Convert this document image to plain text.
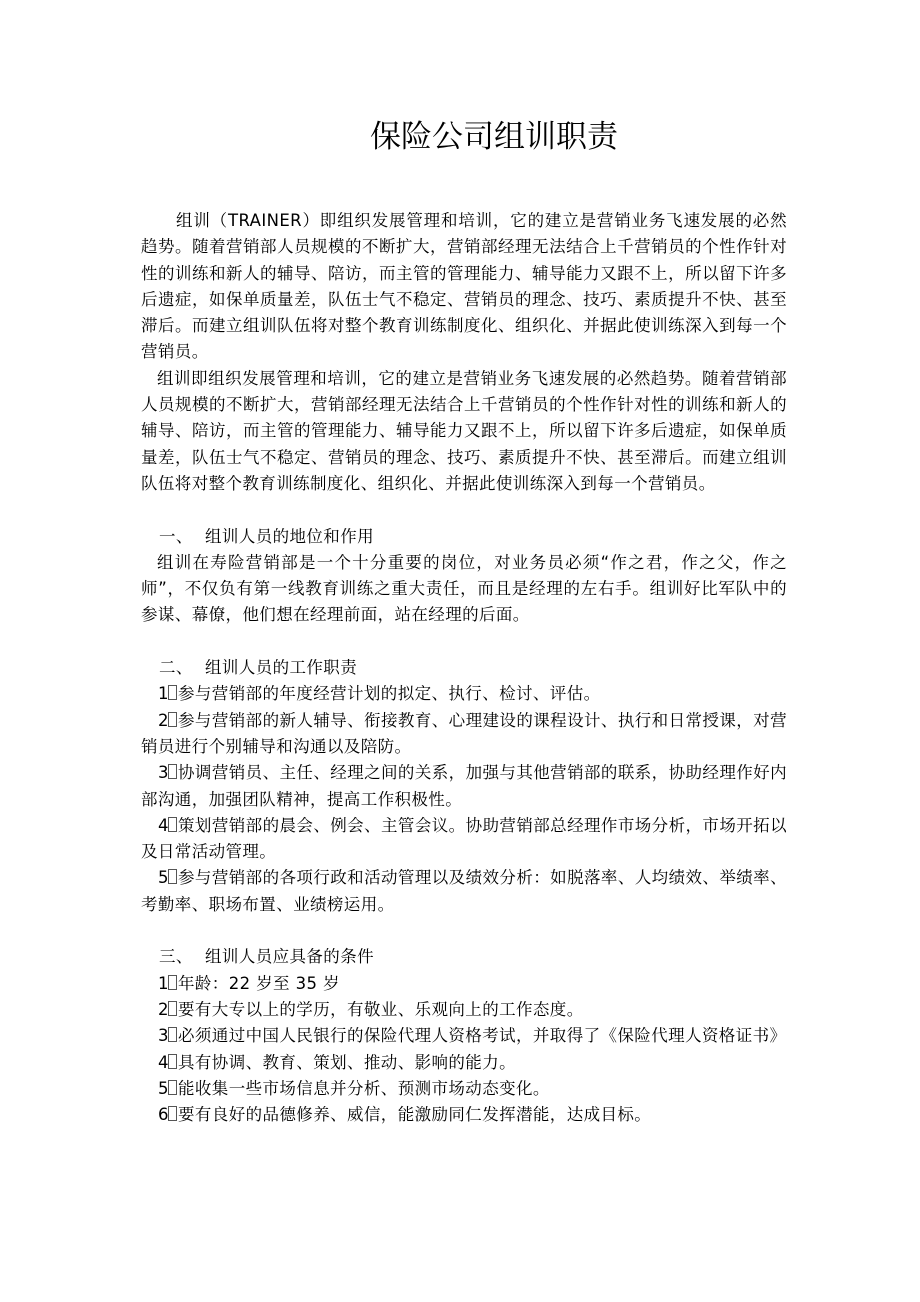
保险公司组训职责

组训（TRAINER）即组织发展管理和培训，它的建立是营销业务飞速发展的必然趋势。随着营销部人员规模的不断扩大，营销部经理无法结合上千营销员的个性作针对性的训练和新人的辅导、陪访，而主管的管理能力、辅导能力又跟不上，所以留下许多后遗症，如保单质量差，队伍士气不稳定、营销员的理念、技巧、素质提升不快、甚至滞后。而建立组训队伍将对整个教育训练制度化、组织化、并据此使训练深入到每一个营销员。

组训即组织发展管理和培训，它的建立是营销业务飞速发展的必然趋势。随着营销部人员规模的不断扩大，营销部经理无法结合上千营销员的个性作针对性的训练和新人的辅导、陪访，而主管的管理能力、辅导能力又跟不上，所以留下许多后遗症，如保单质量差，队伍士气不稳定、营销员的理念、技巧、素质提升不快、甚至滞后。而建立组训队伍将对整个教育训练制度化、组织化、并据此使训练深入到每一个营销员。

一、 组训人员的地位和作用

组训在寿险营销部是一个十分重要的岗位，对业务员必须“作之君，作之父，作之师”，不仅负有第一线教育训练之重大责任，而且是经理的左右手。组训好比军队中的参谋、幕僚，他们想在经理前面，站在经理的后面。

二、 组训人员的工作职责

1 参与营销部的年度经营计划的拟定、执行、检讨、评估。

2 参与营销部的新人辅导、衔接教育、心理建设的课程设计、执行和日常授课，对营销员进行个别辅导和沟通以及陪防。

3 协调营销员、主任、经理之间的关系，加强与其他营销部的联系，协助经理作好内部沟通，加强团队精神，提高工作积极性。

4 策划营销部的晨会、例会、主管会议。协助营销部总经理作市场分析，市场开拓以及日常活动管理。

5 参与营销部的各项行政和活动管理以及绩效分析：如脱落率、人均绩效、举绩率、考勤率、职场布置、业绩榜运用。

三、 组训人员应具备的条件

1 年龄：22 岁至 35 岁

2 要有大专以上的学历，有敬业、乐观向上的工作态度。

3 必须通过中国人民银行的保险代理人资格考试，并取得了《保险代理人资格证书》

4 具有协调、教育、策划、推动、影响的能力。

5 能收集一些市场信息并分析、预测市场动态变化。

6 要有良好的品德修养、威信，能激励同仁发挥潜能，达成目标。
